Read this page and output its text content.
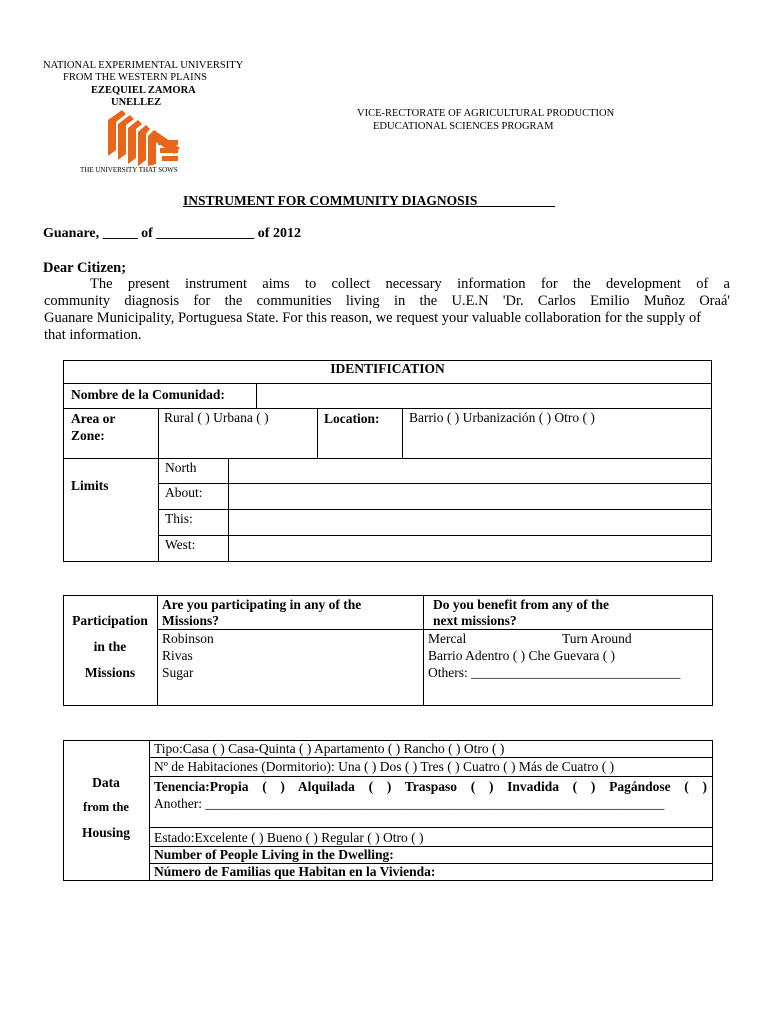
NATIONAL EXPERIMENTAL UNIVERSITY
FROM THE WESTERN PLAINS
EZEQUIEL ZAMORA
UNELLEZ
THE UNIVERSITY THAT SOWS
VICE-RECTORATE OF AGRICULTURAL PRODUCTION
EDUCATIONAL SCIENCES PROGRAM
INSTRUMENT FOR COMMUNITY DIAGNOSIS ___________
Guanare, _____ of ______________ of 2012
Dear Citizen;
The present instrument aims to collect necessary information for the development of a
community diagnosis for the communities living in the U.E.N 'Dr. Carlos Emilio Muñoz Oraá'
Guanare Municipality, Portuguesa State. For this reason, we request your valuable collaboration for the supply of
that information.
IDENTIFICATION
Nombre de la Comunidad:
Area or
Zone:
Rural ( ) Urbana ( )	Location: Barrio ( ) Urbanización ( ) Otro ( )
Limits
North
About:
This:
West:
Participation
in the
Missions
Are you participating in any of the
Missions?
Do you benefit from any of the
next missions?
Robinson
Rivas
Sugar
Mercal	Turn Around
Barrio Adentro ( ) Che Guevara ( )
Others: _______________________________
Data
from the
Housing
Tipo:Casa ( ) Casa-Quinta ( ) Apartamento ( ) Rancho ( ) Otro ( )
Nº de Habitaciones (Dormitorio): Una ( ) Dos ( ) Tres ( ) Cuatro ( ) Más de Cuatro ( )
Tenencia:Propia ( ) Alquilada ( ) Traspaso ( ) Invadida ( ) Pagándose ( )
Another: ____________________________________________________________________
Estado:Excelente ( ) Bueno ( ) Regular ( ) Otro ( )
Number of People Living in the Dwelling:
Número de Familias que Habitan en la Vivienda:
